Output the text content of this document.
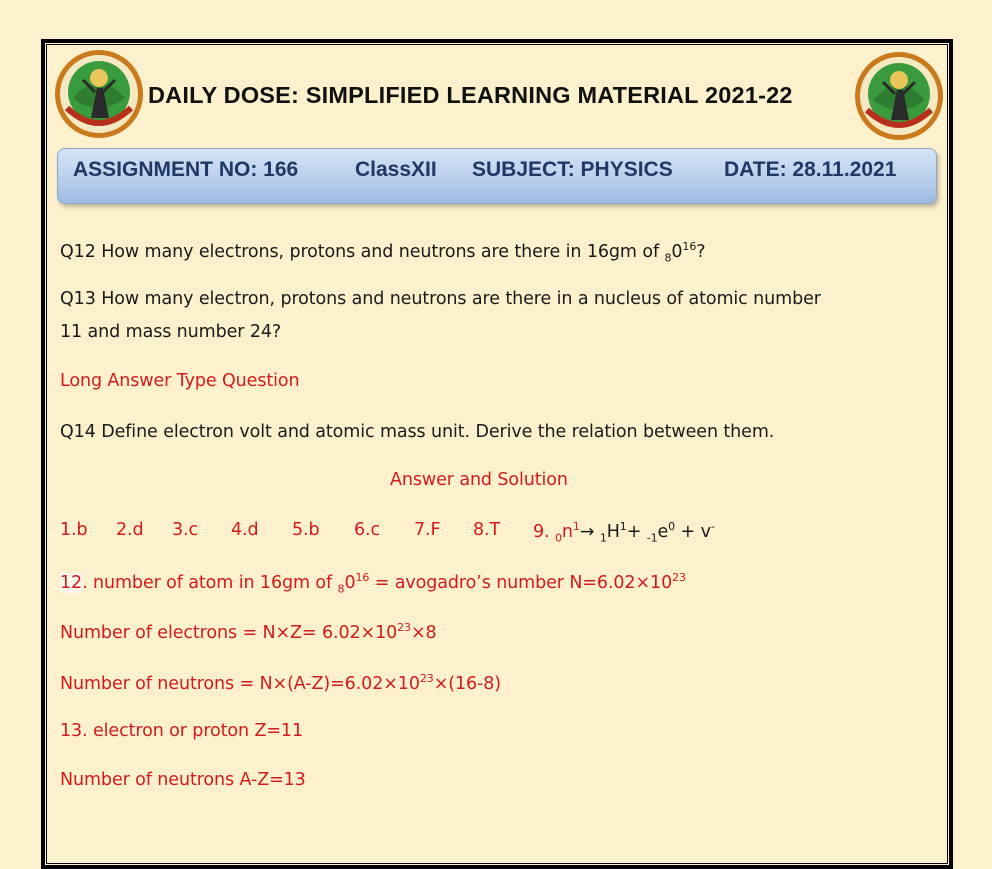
DAILY DOSE: SIMPLIFIED LEARNING MATERIAL 2021-22
ASSIGNMENT NO: 166	ClassXII SUBJECT: PHYSICS DATE: 28.11.2021
Q12 How many electrons, protons and neutrons are there in 16gm of $_80^{16}$?
Q13 How many electron, protons and neutrons are there in a nucleus of atomic number
11 and mass number 24?
Long Answer Type Question
Q14 Define electron volt and atomic mass unit. Derive the relation between them.
Answer and Solution
1.b 2.d 3.c 4.d 5.b 6.c 7.F 8.T 9. $_0n^1\to _1H^1+ _{-1}e^0 + v^-$
12. number of atom in 16gm of $_80^{16}$ = avogadro’s number $N=6.02\times 10^{23}$
Number of electrons = $N\times Z= 6.02\times 10^{23}\times 8$
Number of neutrons = $N\times(A-Z)=6.02\times 10^{23}\times(16-8)$
13. electron or proton Z=11
Number of neutrons A-Z=13
